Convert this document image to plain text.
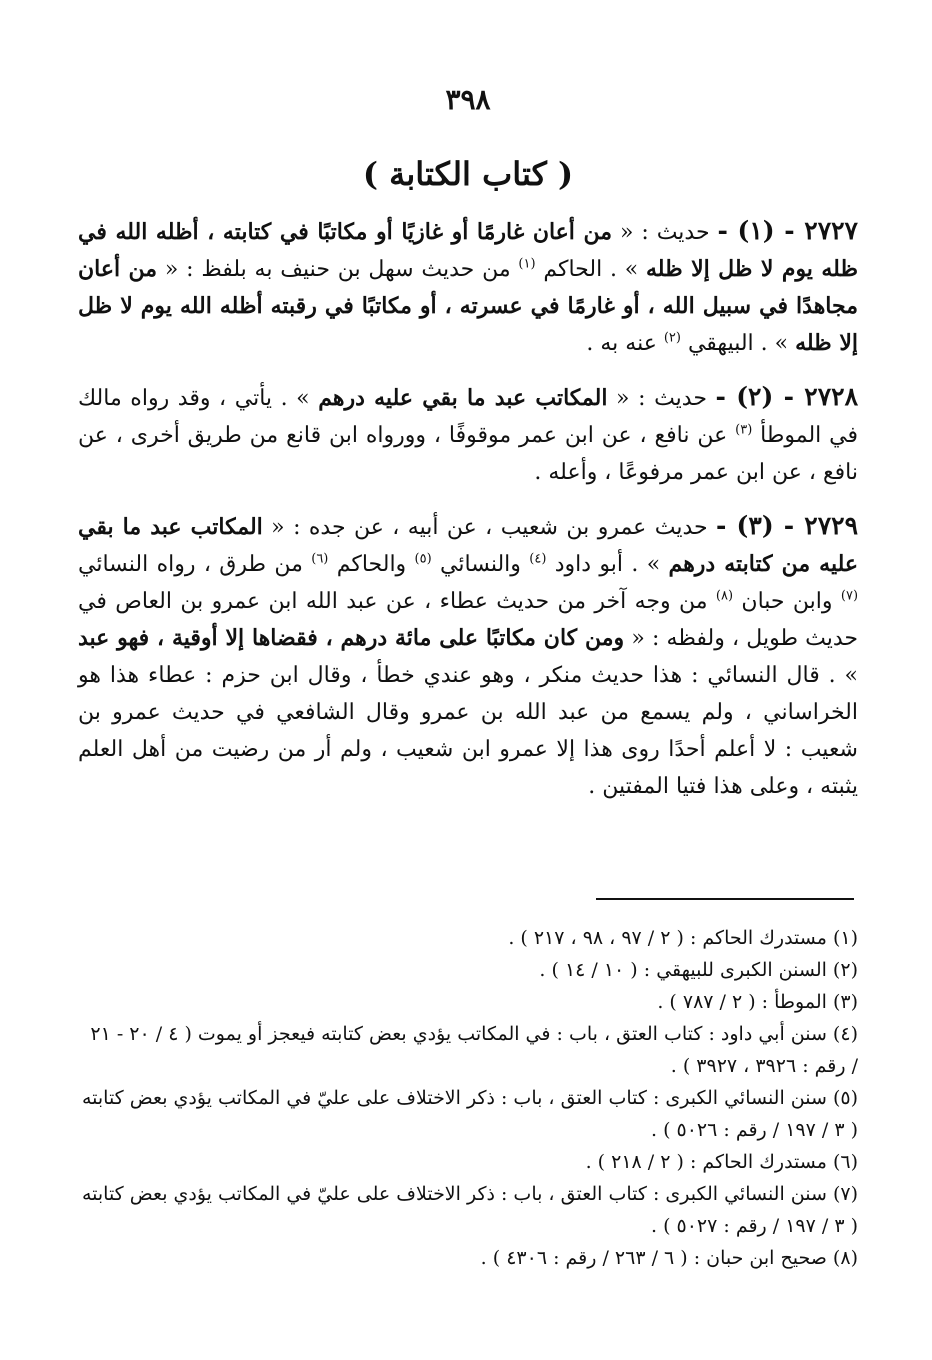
٣٩٨
( كتاب الكتابة )

٢٧٢٧ - (١) - حديث : « من أعان غارمًا أو غازيًا أو مكاتبًا في كتابته ، أظله الله في ظله يوم لا ظل إلا ظله » . الحاكم $^{(١)}$ من حديث سهل بن حنيف به بلفظ : « من أعان مجاهدًا في سبيل الله ، أو غارمًا في عسرته ، أو مكاتبًا في رقبته أظله الله يوم لا ظل إلا ظله » . البيهقي $^{(٢)}$ عنه به .

٢٧٢٨ - (٢) - حديث : « المكاتب عبد ما بقي عليه درهم » . يأتي ، وقد رواه مالك في الموطأ $^{(٣)}$ عن نافع ، عن ابن عمر موقوفًا ، وورواه ابن قانع من طريق أخرى ، عن نافع ، عن ابن عمر مرفوعًا ، وأعله .

٢٧٢٩ - (٣) - حديث عمرو بن شعيب ، عن أبيه ، عن جده : « المكاتب عبد ما بقي عليه من كتابته درهم » . أبو داود $^{(٤)}$ والنسائي $^{(٥)}$ والحاكم $^{(٦)}$ من طرق ، رواه النسائي $^{(٧)}$ وابن حبان $^{(٨)}$ من وجه آخر من حديث عطاء ، عن عبد الله ابن عمرو بن العاص في حديث طويل ، ولفظه : « ومن كان مكاتبًا على مائة درهم ، فقضاها إلا أوقية ، فهو عبد » . قال النسائي : هذا حديث منكر ، وهو عندي خطأ ، وقال ابن حزم : عطاء هذا هو الخراساني ، ولم يسمع من عبد الله بن عمرو وقال الشافعي في حديث عمرو بن شعيب : لا أعلم أحدًا روى هذا إلا عمرو ابن شعيب ، ولم أر من رضيت من أهل العلم يثبته ، وعلى هذا فتيا المفتين .

(١) مستدرك الحاكم : ( ٢ / ٩٧ ، ٩٨ ، ٢١٧ ) .
(٢) السنن الكبرى للبيهقي : ( ١٠ / ١٤ ) .
(٣) الموطأ : ( ٢ / ٧٨٧ ) .
(٤) سنن أبي داود : كتاب العتق ، باب : في المكاتب يؤدي بعض كتابته فيعجز أو يموت ( ٤ / ٢٠ - ٢١ / رقم : ٣٩٢٦ ، ٣٩٢٧ ) .
(٥) سنن النسائي الكبرى : كتاب العتق ، باب : ذكر الاختلاف على عليّ في المكاتب يؤدي بعض كتابته ( ٣ / ١٩٧ / رقم : ٥٠٢٦ ) .
(٦) مستدرك الحاكم : ( ٢ / ٢١٨ ) .
(٧) سنن النسائي الكبرى : كتاب العتق ، باب : ذكر الاختلاف على عليّ في المكاتب يؤدي بعض كتابته ( ٣ / ١٩٧ / رقم : ٥٠٢٧ ) .
(٨) صحيح ابن حبان : ( ٦ / ٢٦٣ / رقم : ٤٣٠٦ ) .
